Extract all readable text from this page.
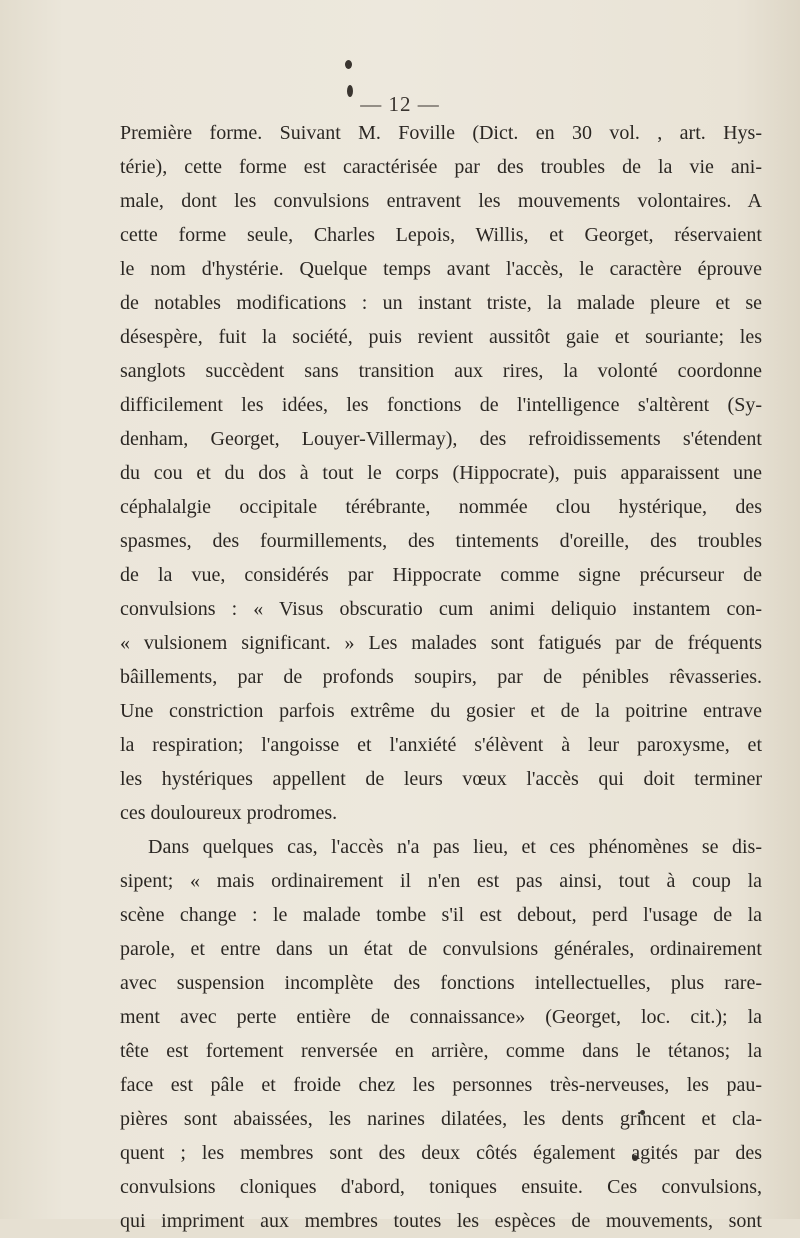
— 12 —
Première forme. Suivant M. Foville (Dict. en 30 vol. , art. Hys-
térie), cette forme est caractérisée par des troubles de la vie ani-
male, dont les convulsions entravent les mouvements volontaires. A
cette forme seule, Charles Lepois, Willis, et Georget, réservaient
le nom d'hystérie. Quelque temps avant l'accès, le caractère éprouve
de notables modifications : un instant triste, la malade pleure et se
désespère, fuit la société, puis revient aussitôt gaie et souriante; les
sanglots succèdent sans transition aux rires, la volonté coordonne
difficilement les idées, les fonctions de l'intelligence s'altèrent (Sy-
denham, Georget, Louyer-Villermay), des refroidissements s'étendent
du cou et du dos à tout le corps (Hippocrate), puis apparaissent une
céphalalgie occipitale térébrante, nommée clou hystérique, des
spasmes, des fourmillements, des tintements d'oreille, des troubles
de la vue, considérés par Hippocrate comme signe précurseur de
convulsions : « Visus obscuratio cum animi deliquio instantem con-
« vulsionem significant. » Les malades sont fatigués par de fréquents
bâillements, par de profonds soupirs, par de pénibles rêvasseries.
Une constriction parfois extrême du gosier et de la poitrine entrave
la respiration; l'angoisse et l'anxiété s'élèvent à leur paroxysme, et
les hystériques appellent de leurs vœux l'accès qui doit terminer
ces douloureux prodromes.
Dans quelques cas, l'accès n'a pas lieu, et ces phénomènes se dis-
sipent; « mais ordinairement il n'en est pas ainsi, tout à coup la
scène change : le malade tombe s'il est debout, perd l'usage de la
parole, et entre dans un état de convulsions générales, ordinairement
avec suspension incomplète des fonctions intellectuelles, plus rare-
ment avec perte entière de connaissance» (Georget, loc. cit.); la
tête est fortement renversée en arrière, comme dans le tétanos; la
face est pâle et froide chez les personnes très-nerveuses, les pau-
pières sont abaissées, les narines dilatées, les dents grincent et cla-
quent ; les membres sont des deux côtés également agités par des
convulsions cloniques d'abord, toniques ensuite. Ces convulsions,
qui impriment aux membres toutes les espèces de mouvements, sont
